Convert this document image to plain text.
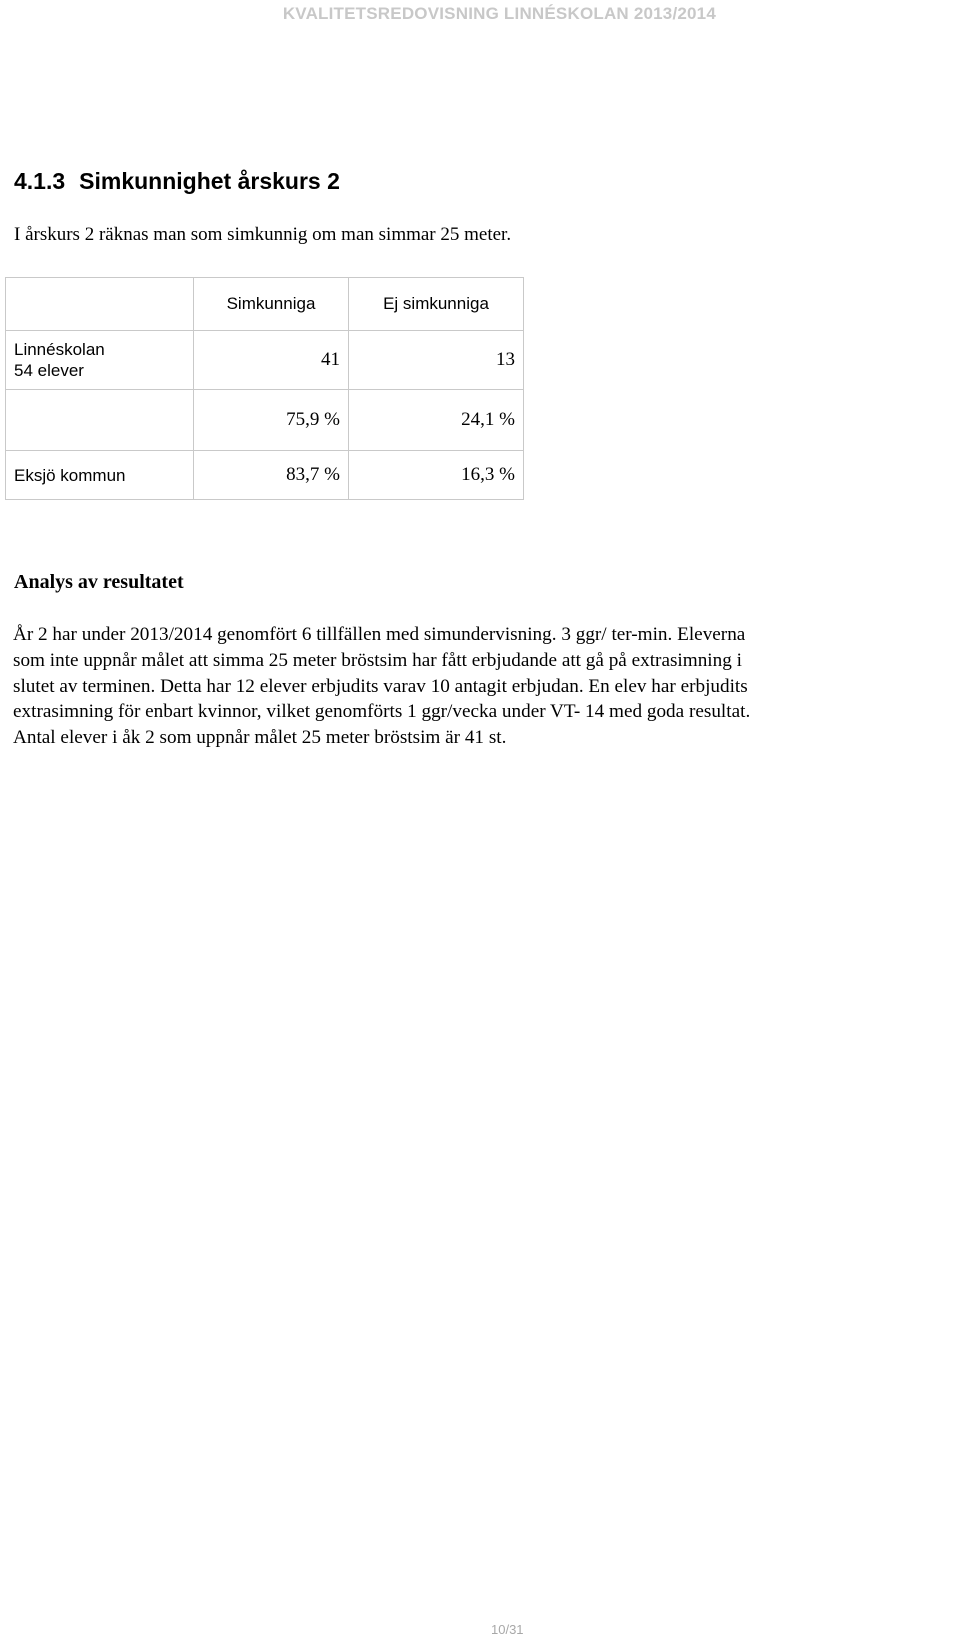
KVALITETSREDOVISNING LINNÉSKOLAN 2013/2014
4.1.3 Simkunnighet årskurs 2

I årskurs 2 räknas man som simkunnig om man simmar 25 meter.

	Simkunniga	Ej simkunniga

Linnéskolan
54 elever	41	13
	75,9 %	24,1 %

Eksjö kommun	83,7 %	16,3 %
Analys av resultatet

År 2 har under 2013/2014 genomfört 6 tillfällen med simundervisning. 3 ggr/ ter-min. Eleverna
som inte uppnår målet att simma 25 meter bröstsim har fått erbjudande att gå på extrasimning i
slutet av terminen. Detta har 12 elever erbjudits varav 10 antagit erbjudan. En elev har erbjudits
extrasimning för enbart kvinnor, vilket genomförts 1 ggr/vecka under VT- 14 med goda resultat.
Antal elever i åk 2 som uppnår målet 25 meter bröstsim är 41 st.

10/31
